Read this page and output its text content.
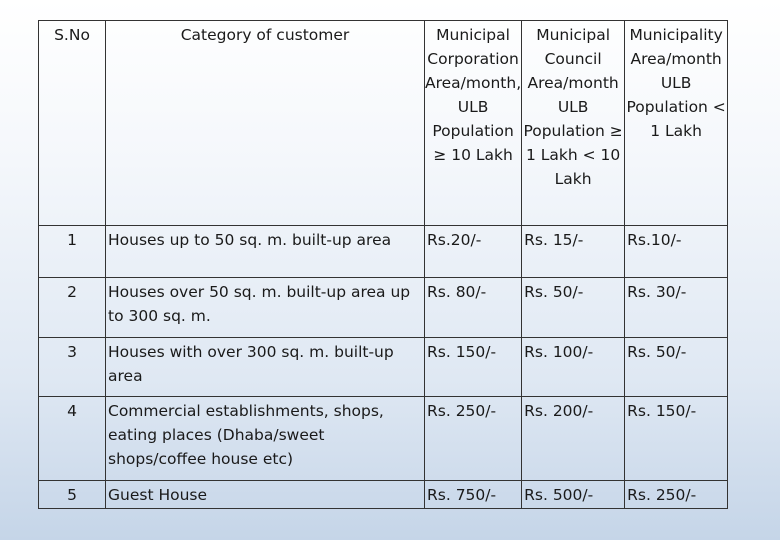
S.No	Category of customer	Municipal Corporation Area/month, ULB Population ≥ 10 Lakh	Municipal Council Area/month ULB Population ≥ 1 Lakh < 10 Lakh	Municipality Area/month ULB Population < 1 Lakh
1	Houses up to 50 sq. m. built-up area	Rs.20/-	Rs. 15/-	Rs.10/-
2	Houses over 50 sq. m. built-up area up to 300 sq. m.	Rs. 80/-	Rs. 50/-	Rs. 30/-
3	Houses with over 300 sq. m. built-up area	Rs. 150/-	Rs. 100/-	Rs. 50/-
4	Commercial establishments, shops, eating places (Dhaba/sweet shops/coffee house etc)	Rs. 250/-	Rs. 200/-	Rs. 150/-
5	Guest House	Rs. 750/-	Rs. 500/-	Rs. 250/-
